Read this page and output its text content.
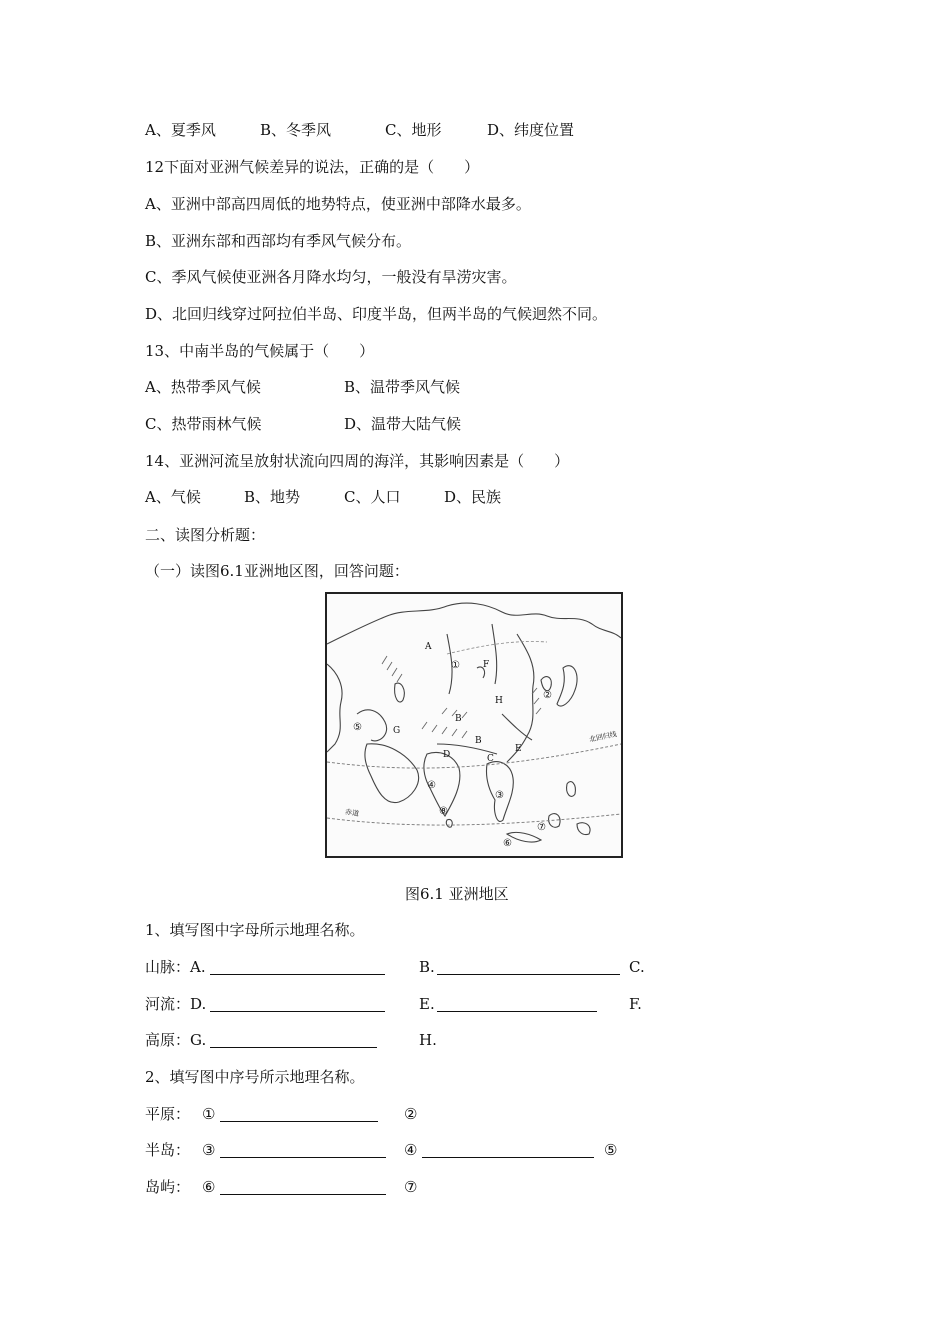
A、夏季风	B、冬季风	C、地形	D、纬度位置
12下面对亚洲气候差异的说法，正确的是（　　）
A、亚洲中部高四周低的地势特点，使亚洲中部降水最多。
B、亚洲东部和西部均有季风气候分布。
C、季风气候使亚洲各月降水均匀，一般没有旱涝灾害。
D、北回归线穿过阿拉伯半岛、印度半岛，但两半岛的气候迥然不同。
13、中南半岛的气候属于（　　）
A、热带季风气候	B、温带季风气候
C、热带雨林气候	D、温带大陆气候
14、亚洲河流呈放射状流向四周的海洋，其影响因素是（　　）
A、气候	B、地势	C、人口	D、民族
二、读图分析题：
（一）读图6.1亚洲地区图，回答问题：
A
B
B
C
D
E
F
G
H
①
②
③
④
⑤
⑥
⑦
⑧
北回归线
赤道
图6.1 亚洲地区
1、填写图中字母所示地理名称。
山脉：A.	B.	C.
河流：D.	E.	F.
高原：G.	H.
2、填写图中序号所示地理名称。
平原： ①	②
半岛： ③	④	⑤
岛屿： ⑥	⑦
